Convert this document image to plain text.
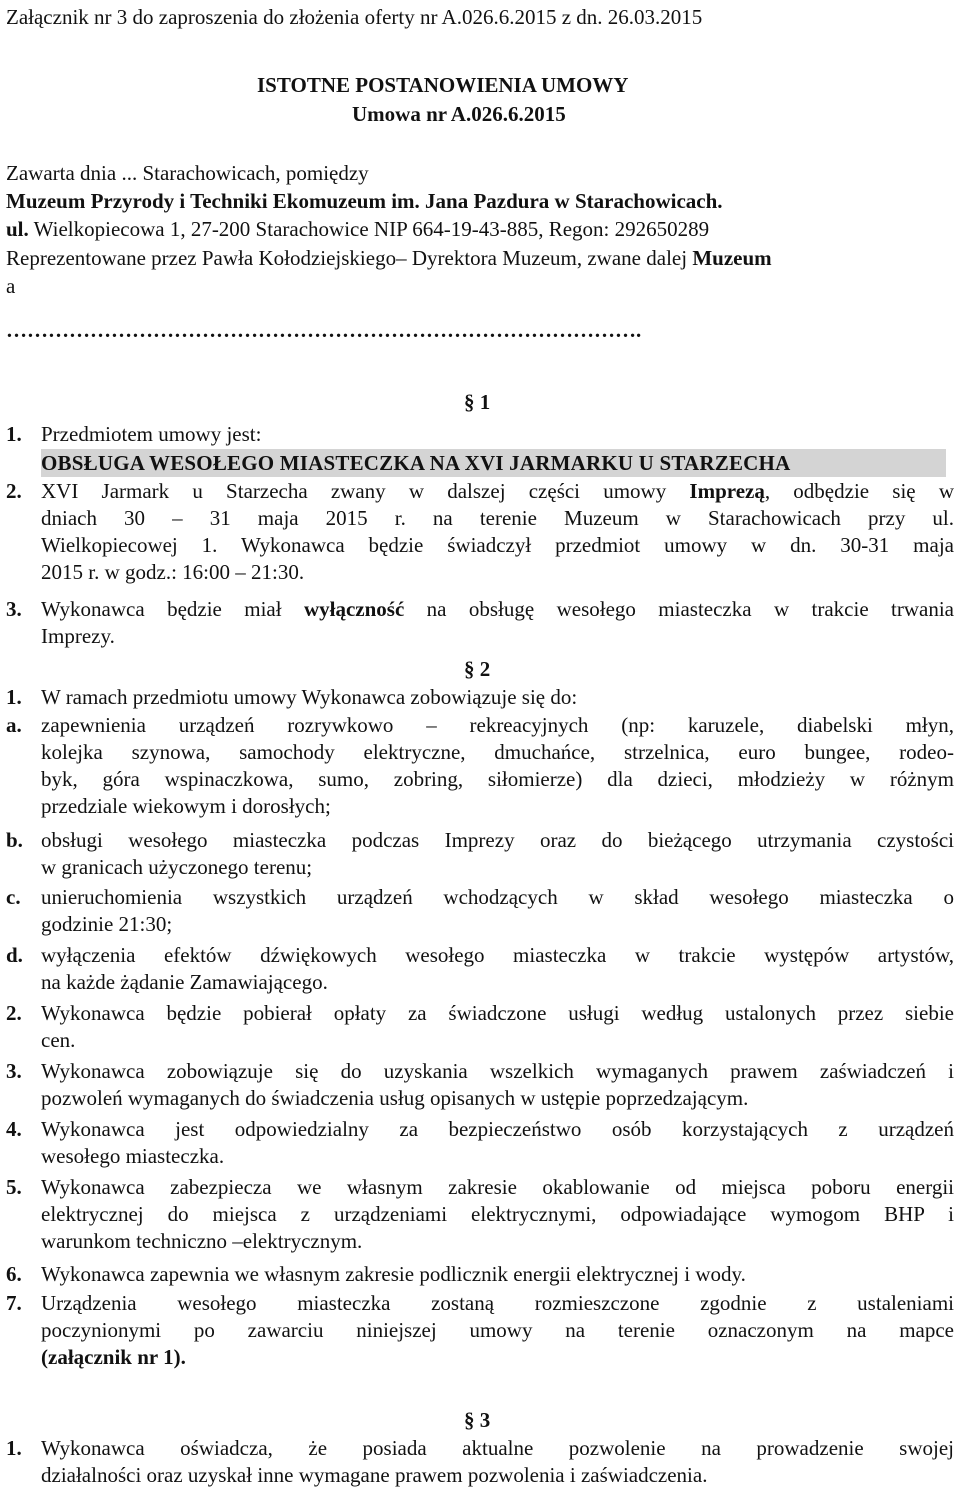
Załącznik nr 3 do zaproszenia do złożenia oferty nr A.026.6.2015 z dn. 26.03.2015
ISTOTNE POSTANOWIENIA UMOWY
Umowa nr A.026.6.2015
Zawarta dnia ... Starachowicach, pomiędzy
Muzeum Przyrody i Techniki Ekomuzeum im. Jana Pazdura w Starachowicach.
ul. Wielkopiecowa 1, 27-200 Starachowice NIP 664-19-43-885, Regon: 292650289
Reprezentowane przez Pawła Kołodziejskiego– Dyrektora Muzeum, zwane dalej Muzeum
a
……………………………………………………………………………….
§ 1
1. Przedmiotem umowy jest:
OBSŁUGA WESOŁEGO MIASTECZKA NA XVI JARMARKU U STARZECHA
2. XVI Jarmark u Starzecha zwany w dalszej części umowy Imprezą, odbędzie się w
dniach 30 – 31 maja 2015 r. na terenie Muzeum w Starachowicach przy ul.
Wielkopiecowej 1. Wykonawca będzie świadczył przedmiot umowy w dn. 30-31 maja
2015 r. w godz.: 16:00 – 21:30.
3. Wykonawca będzie miał wyłączność na obsługę wesołego miasteczka w trakcie trwania
Imprezy.
§ 2
1. W ramach przedmiotu umowy Wykonawca zobowiązuje się do:
a. zapewnienia urządzeń rozrywkowo – rekreacyjnych (np: karuzele, diabelski młyn,
kolejka szynowa, samochody elektryczne, dmuchańce, strzelnica, euro bungee, rodeo-
byk, góra wspinaczkowa, sumo, zobring, siłomierze) dla dzieci, młodzieży w różnym
przedziale wiekowym i dorosłych;
b. obsługi wesołego miasteczka podczas Imprezy oraz do bieżącego utrzymania czystości
w granicach użyczonego terenu;
c. unieruchomienia wszystkich urządzeń wchodzących w skład wesołego miasteczka o
godzinie 21:30;
d. wyłączenia efektów dźwiękowych wesołego miasteczka w trakcie występów artystów,
na każde żądanie Zamawiającego.
2. Wykonawca będzie pobierał opłaty za świadczone usługi według ustalonych przez siebie
cen.
3. Wykonawca zobowiązuje się do uzyskania wszelkich wymaganych prawem zaświadczeń i
pozwoleń wymaganych do świadczenia usług opisanych w ustępie poprzedzającym.
4. Wykonawca jest odpowiedzialny za bezpieczeństwo osób korzystających z urządzeń
wesołego miasteczka.
5. Wykonawca zabezpiecza we własnym zakresie okablowanie od miejsca poboru energii
elektrycznej do miejsca z urządzeniami elektrycznymi, odpowiadające wymogom BHP i
warunkom techniczno –elektrycznym.
6. Wykonawca zapewnia we własnym zakresie podlicznik energii elektrycznej i wody.
7. Urządzenia wesołego miasteczka zostaną rozmieszczone zgodnie z ustaleniami
poczynionymi po zawarciu niniejszej umowy na terenie oznaczonym na mapce
(załącznik nr 1).
§ 3
1. Wykonawca oświadcza, że posiada aktualne pozwolenie na prowadzenie swojej
działalności oraz uzyskał inne wymagane prawem pozwolenia i zaświadczenia.
